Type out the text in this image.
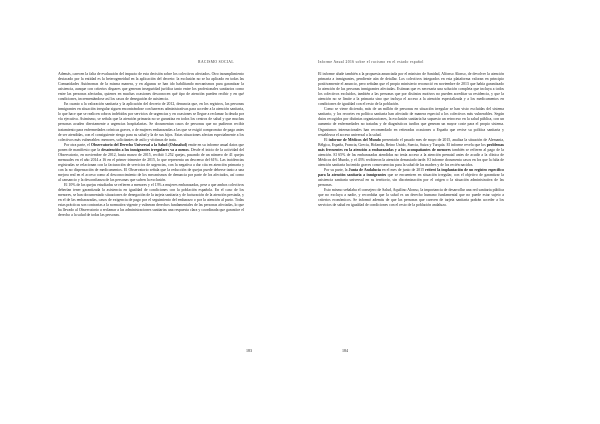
RACISMO SOCIAL

Además, carecen la falta de evaluación del impacto de esta decisión sobre los colectivos afectados. Otro incumplimiento destacado por la entidad es la heterogeneidad en la aplicación del decreto: la exclusión no se ha aplicado en todas las Comunidades Autónomas de la misma manera, y en algunas se han ido habilitando mecanismos para garantizar la asistencia, aunque con criterios dispares que generan inseguridad jurídica tanto entre los profesionales sanitarios como entre las personas afectadas, quienes en muchas ocasiones desconocen qué tipo de atención pueden recibir y en qué condiciones, incrementándose así los casos de denegación de asistencia.

En cuanto a la valoración sanitaria y la aplicación del decreto de 2012, denuncia que, en los registros, las personas inmigrantes en situación irregular siguen encontrándose con barreras administrativas para acceder a la atención sanitaria, lo que hace que se realicen cobros indebidos por servicios de urgencias y en ocasiones se llegue a reclamar la deuda por vía ejecutiva. Asimismo, se señala que la atención primaria no se garantiza en todos los centros de salud y que muchas personas acuden directamente a urgencias hospitalarias. Se documentan casos de personas que no pudieron recibir tratamiento para enfermedades crónicas graves, o de mujeres embarazadas a las que se exigió compromiso de pago antes de ser atendidas, con el consiguiente riesgo para su salud y la de sus hijos. Estas situaciones afectan especialmente a los colectivos más vulnerables: menores, solicitantes de asilo y víctimas de trata.

Por otra parte, el Observatorio del Derecho Universal a la Salud (Odusalud) emite en su informe anual datos que ponen de manifiesto que la desatención a los inmigrantes irregulares va a menos. Desde el inicio de la actividad del Observatorio, en noviembre de 2012, hasta marzo de 2015, recibió 1.252 quejas, pasando de un número de 41 quejas mensuales en el año 2014 a 16 en el primer trimestre de 2015, lo que representa un descenso del 61%. Las incidencias registradas se relacionan con la facturación de servicios de urgencias, con la negativa a dar cita en atención primaria y con la no dispensación de medicamentos. El Observatorio señala que la reducción de quejas puede deberse tanto a una mejora real en el acceso como al desconocimiento de los mecanismos de denuncia por parte de los afectados, así como al cansancio y la desconfianza de las personas que sufren la exclusión.

El 10% de las quejas estudiadas se refieren a menores y el 13% a mujeres embarazadas, pese a que ambos colectivos deberían tener garantizada la asistencia en igualdad de condiciones con la población española. En el caso de los menores, se han documentado situaciones de denegación de la tarjeta sanitaria y de facturación de la atención prestada, y en el de las embarazadas, casos de exigencia de pago por el seguimiento del embarazo o por la atención al parto. Todas estas prácticas son contrarias a la normativa vigente y vulneran derechos fundamentales de las personas afectadas, lo que ha llevado al Observatorio a reclamar a las administraciones sanitarias una respuesta clara y coordinada que garantice el derecho a la salud de todas las personas.

183
Informe Anual 2016 sobre el racismo en el estado español

El informe alude también a la propuesta anunciada por el ministro de Sanidad, Alfonso Alonso, de devolver la atención primaria a inmigrantes, pendiente aún de detallar. Los colectivos integrados en esta plataforma valoran en principio positivamente el anuncio, pero señalan que el propio ministerio reconoció en noviembre de 2013 que había garantizado la atención de las personas inmigrantes afectadas. Estiman que es necesaria una solución completa que incluya a todos los colectivos excluidos, también a las personas que por distintos motivos no pueden acreditar su residencia, y que la atención no se limite a la primaria sino que incluya el acceso a la atención especializada y a los medicamentos en condiciones de igualdad con el resto de la población.

Como se viene diciendo, más de un millón de personas en situación irregular se han visto excluidas del sistema sanitario, y los recortes en política sanitaria han afectado de manera especial a los colectivos más vulnerables. Según datos recogidos por distintas organizaciones, la exclusión sanitaria ha supuesto un retroceso en la salud pública, con un aumento de enfermedades no tratadas y de diagnósticos tardíos que generan un mayor coste para el propio sistema. Organismos internacionales han recomendado en reiteradas ocasiones a España que revise su política sanitaria y restablezca el acceso universal a la salud.

El informe de Médicos del Mundo presentado el pasado mes de mayo de 2015, analiza la situación de Alemania, Bélgica, España, Francia, Grecia, Holanda, Reino Unido, Suecia, Suiza y Turquía. El informe revela que los problemas más frecuentes en la atención a embarazadas y a los acompañantes de menores también se refieren al pago de la atención. El 65% de las embarazadas atendidas no tenía acceso a la atención prenatal antes de acudir a la clínica de Médicos del Mundo, y el 43% recibieron la atención demasiado tarde. El informe documenta casos en los que la falta de atención sanitaria ha tenido graves consecuencias para la salud de las madres y de los recién nacidos.

Por su parte, la Junta de Andalucía en el mes de junio de 2015 reiteró la implantación de un registro específico para la atención sanitaria a inmigrantes que se encuentren en situación irregular, con el objetivo de garantizar la asistencia sanitaria universal en su territorio, sin discriminación por el origen o la situación administrativa de las personas.

Esto mismo señalaba el consejero de Salud, Aquilino Alonso, la importancia de desarrollar una red sanitaria pública que no excluya a nadie, y recordaba que la salud es un derecho humano fundamental que no puede estar sujeto a criterios económicos. Se informó además de que las personas que carecen de tarjeta sanitaria podrán acceder a los servicios de salud en igualdad de condiciones con el resto de la población andaluza.

184
